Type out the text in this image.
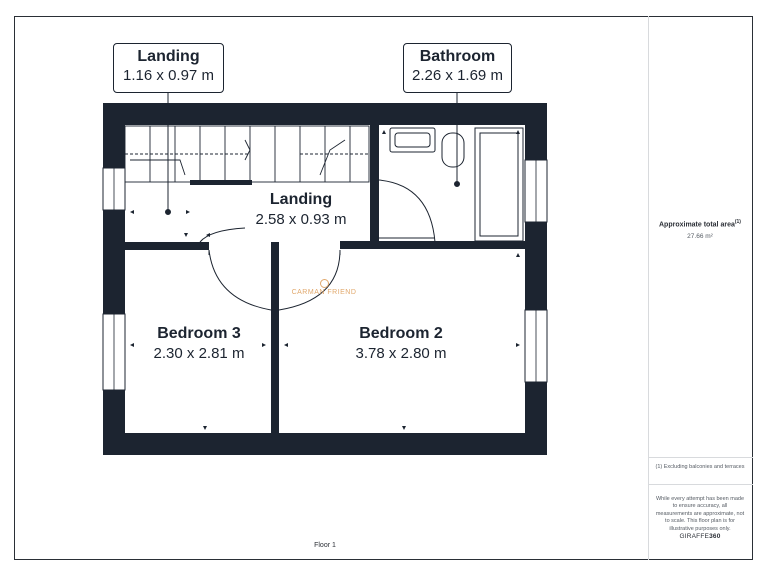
Landing
1.16 x 0.97 m
Bathroom
2.26 x 1.69 m
Landing
2.58 x 0.93 m
Bedroom 3
2.30 x 2.81 m
Bedroom 2
3.78 x 2.80 m
CARMAN FRIEND
Floor 1
Approximate total area$^{(1)}$
27.66 m²
(1) Excluding balconies and terraces
While every attempt has been made to ensure accuracy, all measurements are approximate, not to scale. This floor plan is for illustrative purposes only.
GIRAFFE360
